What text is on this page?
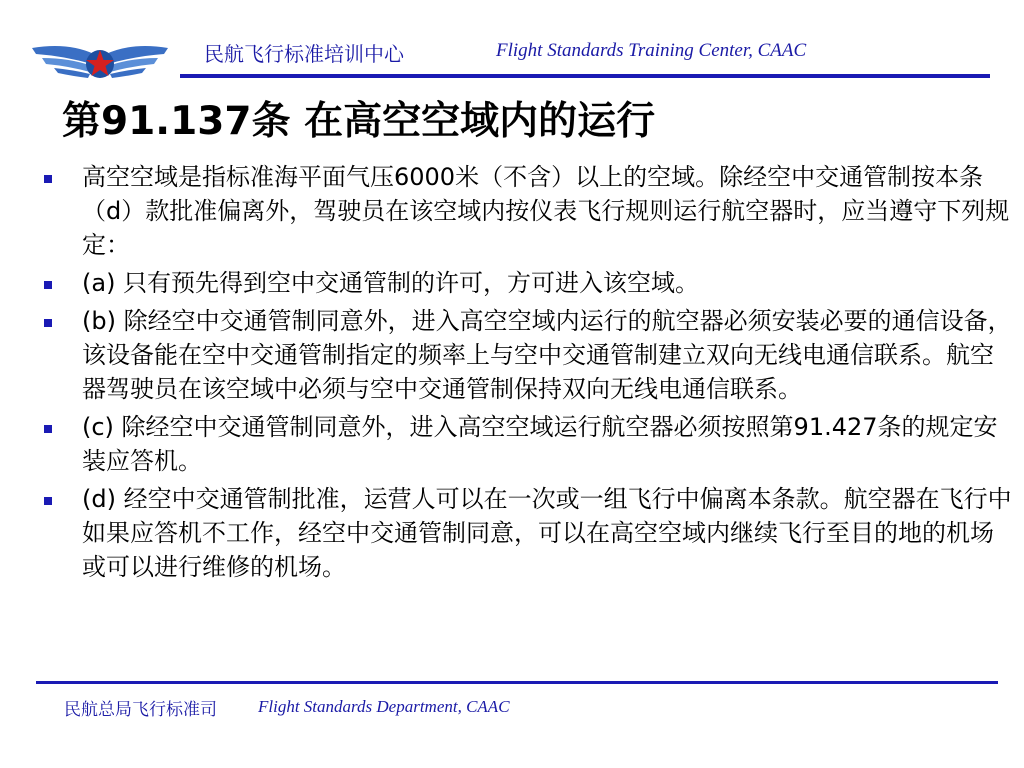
民航飞行标准培训中心	Flight Standards Training Center, CAAC
第91.137条 在高空空域内的运行
高空空域是指标准海平面气压6000米（不含）以上的空域。除经空中交通管制按本条（d）款批准偏离外，驾驶员在该空域内按仪表飞行规则运行航空器时，应当遵守下列规定：
(a) 只有预先得到空中交通管制的许可，方可进入该空域。
(b) 除经空中交通管制同意外，进入高空空域内运行的航空器必须安装必要的通信设备，该设备能在空中交通管制指定的频率上与空中交通管制建立双向无线电通信联系。航空器驾驶员在该空域中必须与空中交通管制保持双向无线电通信联系。
(c) 除经空中交通管制同意外，进入高空空域运行航空器必须按照第91.427条的规定安装应答机。
(d) 经空中交通管制批准，运营人可以在一次或一组飞行中偏离本条款。航空器在飞行中如果应答机不工作，经空中交通管制同意，可以在高空空域内继续飞行至目的地的机场或可以进行维修的机场。
民航总局飞行标准司 Flight Standards Department, CAAC
